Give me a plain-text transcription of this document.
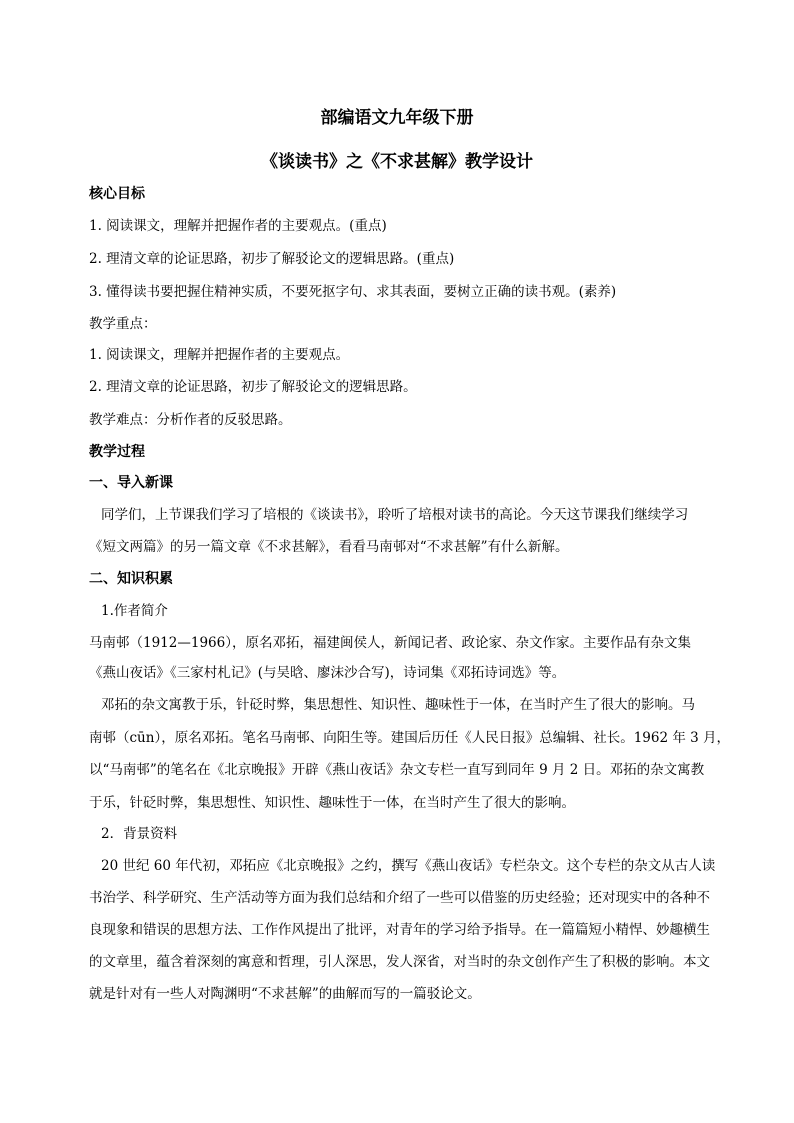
部编语文九年级下册
《谈读书》之《不求甚解》教学设计
核心目标
1. 阅读课文，理解并把握作者的主要观点。(重点)
2. 理清文章的论证思路，初步了解驳论文的逻辑思路。(重点)
3. 懂得读书要把握住精神实质，不要死抠字句、求其表面，要树立正确的读书观。(素养)
教学重点：
1. 阅读课文，理解并把握作者的主要观点。
2. 理清文章的论证思路，初步了解驳论文的逻辑思路。
教学难点：分析作者的反驳思路。
教学过程
一、导入新课
同学们，上节课我们学习了培根的《谈读书》，聆听了培根对读书的高论。今天这节课我们继续学习
《短文两篇》的另一篇文章《不求甚解》，看看马南邨对“不求甚解”有什么新解。
二、知识积累
1.作者简介
马南邨（1912—1966），原名邓拓，福建闽侯人，新闻记者、政论家、杂文作家。主要作品有杂文集
《燕山夜话》《三家村札记》(与吴晗、廖沫沙合写)，诗词集《邓拓诗词选》等。
邓拓的杂文寓教于乐，针砭时弊，集思想性、知识性、趣味性于一体，在当时产生了很大的影响。马
南邨（cūn），原名邓拓。笔名马南邨、向阳生等。建国后历任《人民日报》总编辑、社长。1962 年 3 月，
以“马南邨”的笔名在《北京晚报》开辟《燕山夜话》杂文专栏一直写到同年 9 月 2 日。邓拓的杂文寓教
于乐，针砭时弊，集思想性、知识性、趣味性于一体，在当时产生了很大的影响。
2．背景资料
20 世纪 60 年代初，邓拓应《北京晚报》之约，撰写《燕山夜话》专栏杂文。这个专栏的杂文从古人读
书治学、科学研究、生产活动等方面为我们总结和介绍了一些可以借鉴的历史经验；还对现实中的各种不
良现象和错误的思想方法、工作作风提出了批评，对青年的学习给予指导。在一篇篇短小精悍、妙趣横生
的文章里，蕴含着深刻的寓意和哲理，引人深思，发人深省，对当时的杂文创作产生了积极的影响。本文
就是针对有一些人对陶渊明“不求甚解”的曲解而写的一篇驳论文。
